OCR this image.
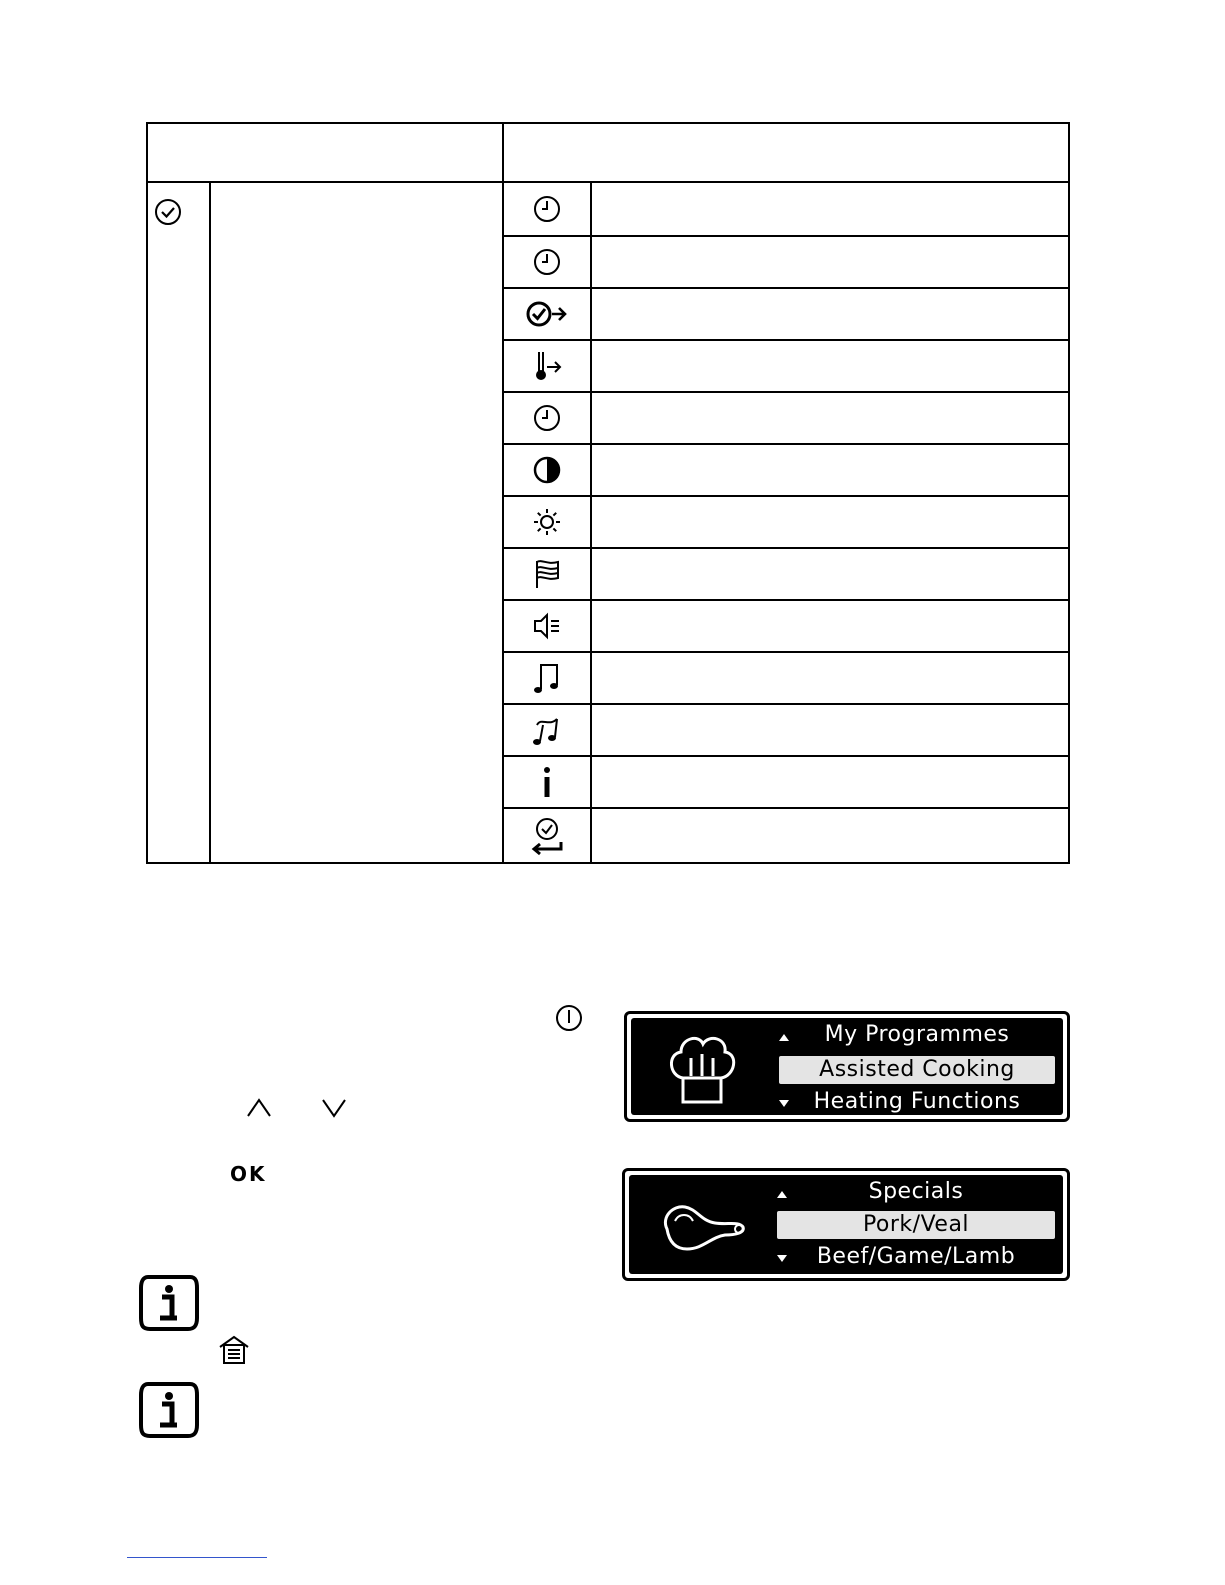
OK
My Programmes
Assisted Cooking
Heating Functions
Specials
Pork/Veal
Beef/Game/Lamb
